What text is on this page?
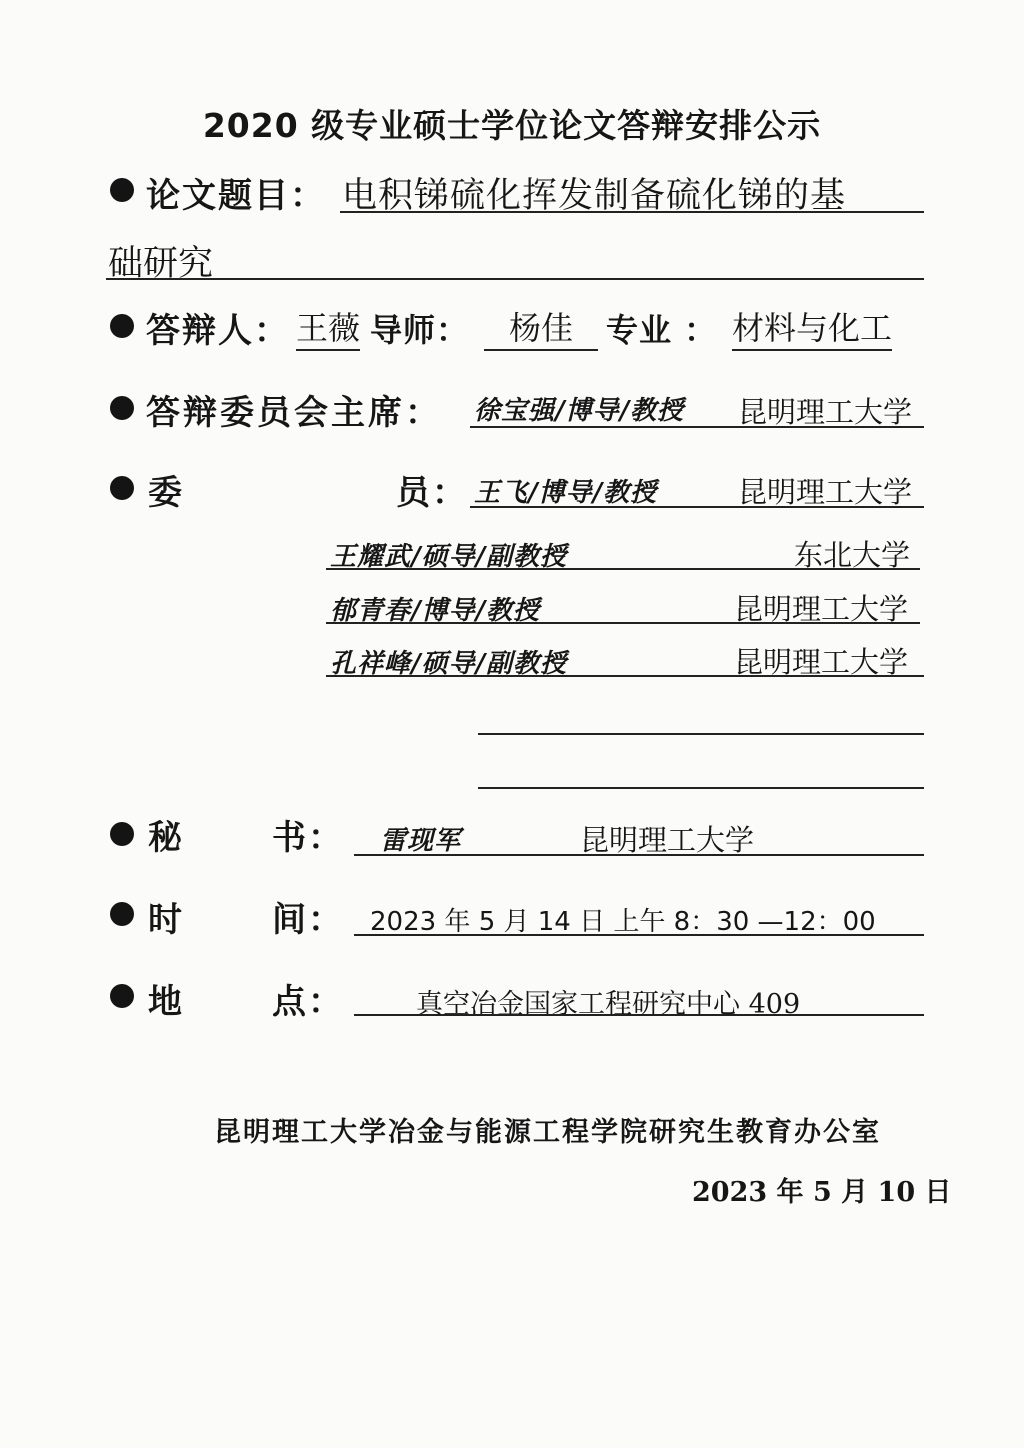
2020 级专业硕士学位论文答辩安排公示
论文题目： 电积锑硫化挥发制备硫化锑的基
础研究
答辩人： 王薇 导师：	杨佳	专业 ： 材料与化工
答辩委员会主席： 徐宝强/博导/教授 昆明理工大学
委	员： 王飞/博导/教授	昆明理工大学
王耀武/硕导/副教授	东北大学
郁青春/博导/教授	昆明理工大学
孔祥峰/硕导/副教授	昆明理工大学
秘	书： 雷现军	昆明理工大学
时	间： 2023 年 5 月 14 日 上午 8：30 —12：00
地	点：	真空冶金国家工程研究中心 409
昆明理工大学冶金与能源工程学院研究生教育办公室
2023 年 5 月 10 日
